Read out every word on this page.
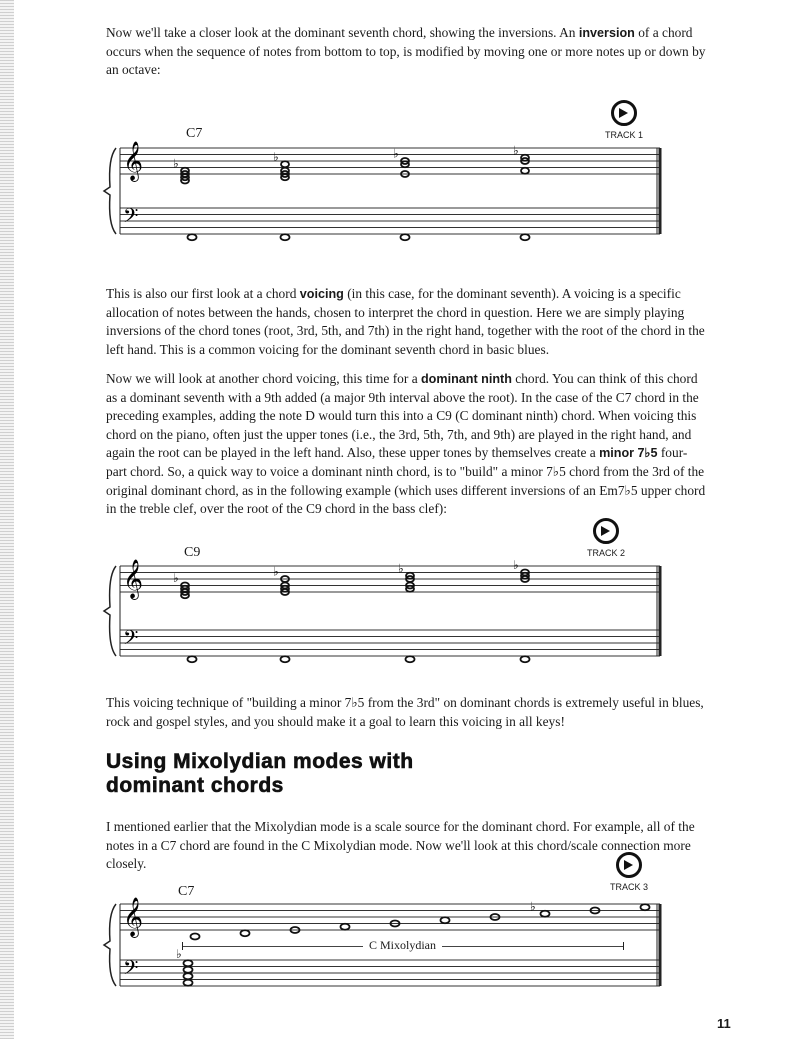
Now we'll take a closer look at the dominant seventh chord, showing the inversions. An inversion of a chord occurs when the sequence of notes from bottom to top, is modified by moving one or more notes up or down by an octave:

C7	TRACK 1
𝄞
𝄢
♭	♭	♭	♭

This is also our first look at a chord voicing (in this case, for the dominant seventh). A voicing is a specific allocation of notes between the hands, chosen to interpret the chord in question. Here we are simply playing inversions of the chord tones (root, 3rd, 5th, and 7th) in the right hand, together with the root of the chord in the left hand. This is a common voicing for the dominant seventh chord in basic blues.

Now we will look at another chord voicing, this time for a dominant ninth chord. You can think of this chord as a dominant seventh with a 9th added (a major 9th interval above the root). In the case of the C7 chord in the preceding examples, adding the note D would turn this into a C9 (C dominant ninth) chord. When voicing this chord on the piano, often just the upper tones (i.e., the 3rd, 5th, 7th, and 9th) are played in the right hand, and again the root can be played in the left hand. Also, these upper tones by themselves create a minor 7♭5 four-part chord. So, a quick way to voice a dominant ninth chord, is to "build" a minor 7♭5 chord from the 3rd of the original dominant chord, as in the following example (which uses different inversions of an Em7♭5 upper chord in the treble clef, over the root of the C9 chord in the bass clef):

C9	TRACK 2
𝄞
𝄢
♭	♭	♭	♭

This voicing technique of "building a minor 7♭5 from the 3rd" on dominant chords is extremely useful in blues, rock and gospel styles, and you should make it a goal to learn this voicing in all keys!

Using Mixolydian modes with
dominant chords

I mentioned earlier that the Mixolydian mode is a scale source for the dominant chord. For example, all of the notes in a C7 chord are found in the C Mixolydian mode. Now we'll look at this chord/scale connection more closely.

C7	TRACK 3
C Mixolydian
𝄞
𝄢
♭
♭
11
